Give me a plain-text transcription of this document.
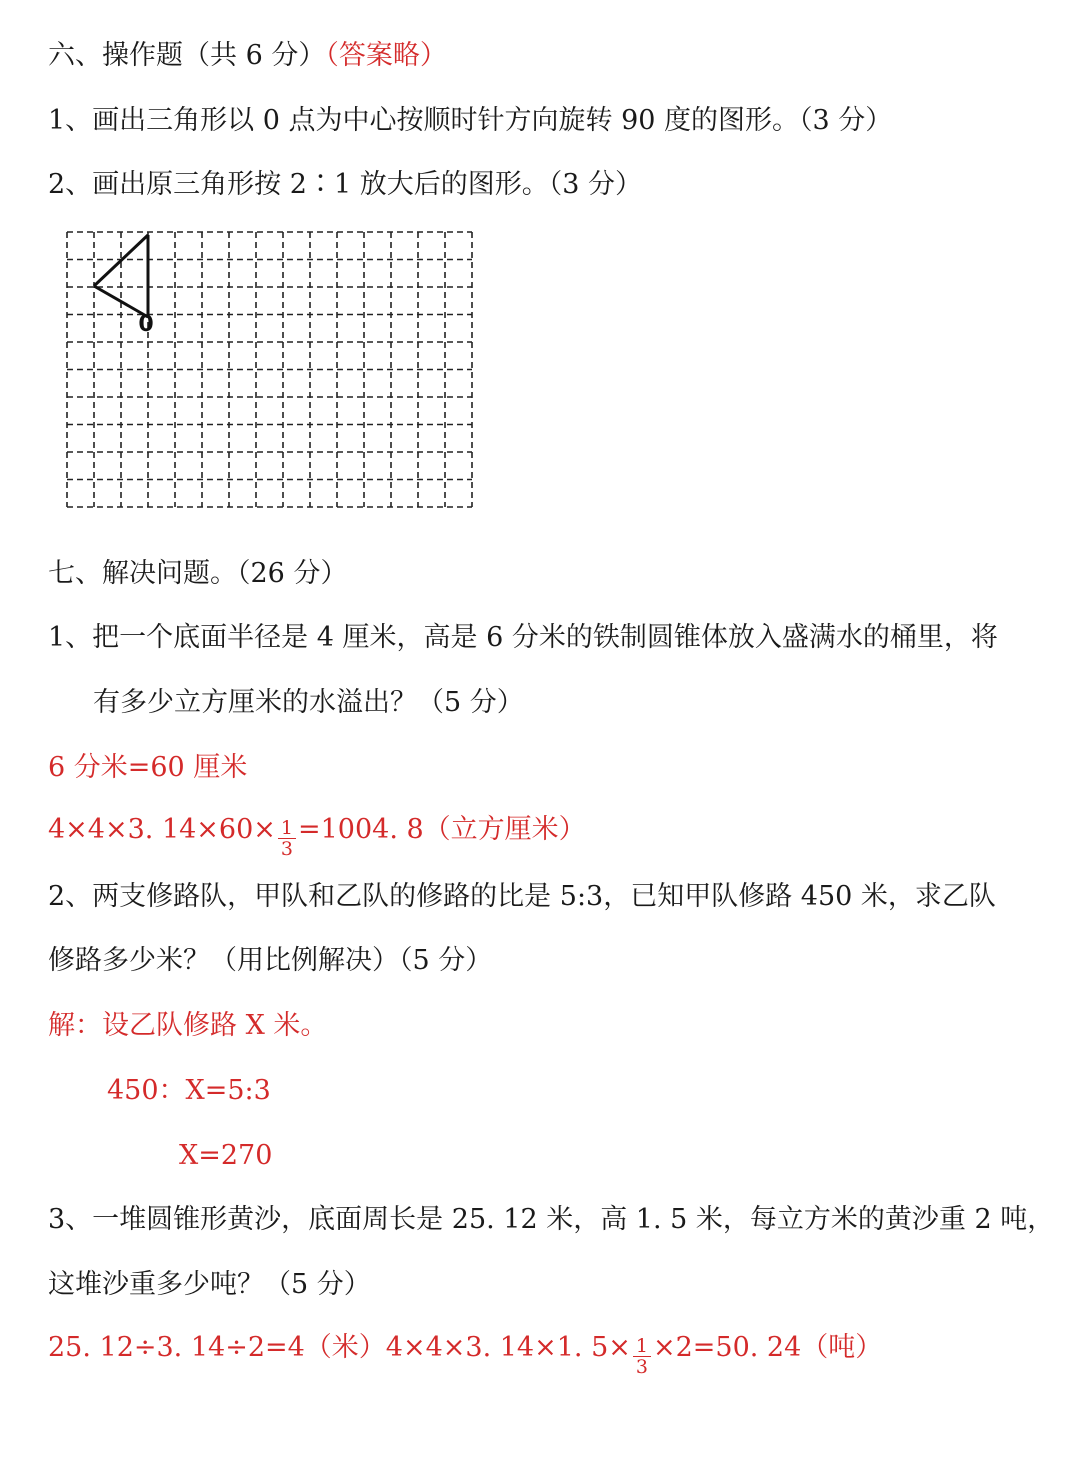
六、操作题（共 6 分）（答案略）
1、画出三角形以 0 点为中心按顺时针方向旋转 90 度的图形。（3 分）
2、画出原三角形按 2∶1 放大后的图形。（3 分）
0
七、解决问题。（26 分）
1、把一个底面半径是 4 厘米，高是 6 分米的铁制圆锥体放入盛满水的桶里，将
有多少立方厘米的水溢出？（5 分）
6 分米=60 厘米
4×4×3. $14\times 60\times \frac{1}{3} =1004$. 8（立方厘米）
2、两支修路队，甲队和乙队的修路的比是 5:3，已知甲队修路 450 米，求乙队
修路多少米？（用比例解决）（5 分）
解：设乙队修路 X 米。
450：X=5:3
X=270
3、一堆圆锥形黄沙，底面周长是 25. 12 米，高 1. 5 米，每立方米的黄沙重 2 吨，
这堆沙重多少吨？（5 分）
25. 12÷3. 14÷2=4（米）4×4×3. 14×1. $5\times \frac{1}{3} \times 2=50$. 24（吨）
